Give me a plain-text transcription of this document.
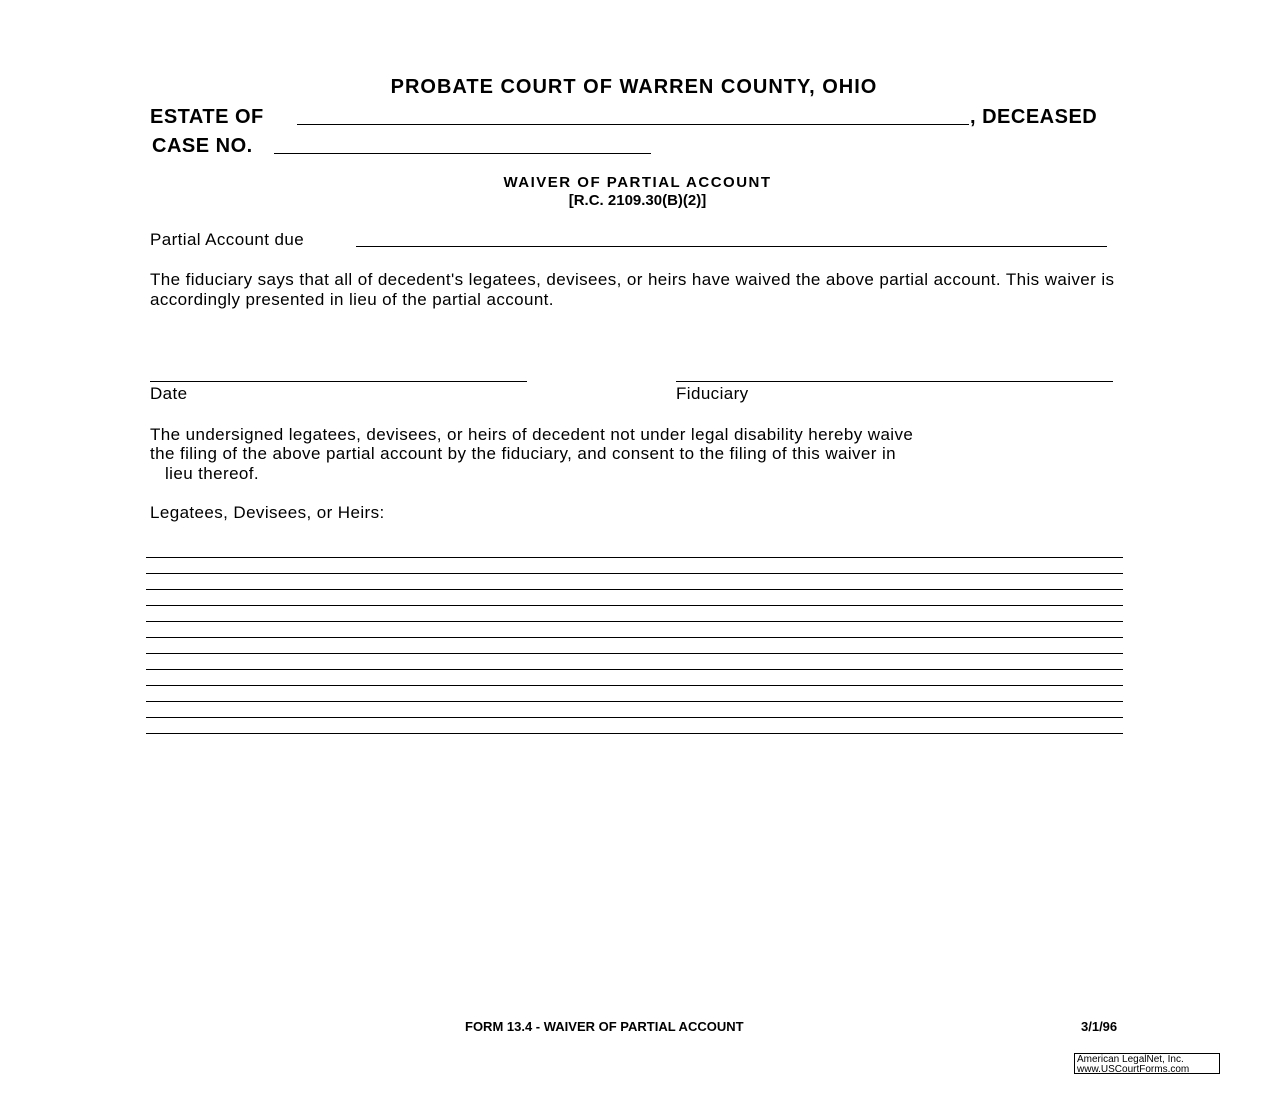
PROBATE COURT OF WARREN COUNTY, OHIO
ESTATE OF	, DECEASED
CASE NO.
WAIVER OF PARTIAL ACCOUNT
[R.C. 2109.30(B)(2)]
Partial Account due
The fiduciary says that all of decedent's legatees, devisees, or heirs have waived the above partial account. This waiver is accordingly presented in lieu of the partial account.
Date	Fiduciary
The undersigned legatees, devisees, or heirs of decedent not under legal disability hereby waive
the filing of the above partial account by the fiduciary, and consent to the filing of this waiver in
lieu thereof.
Legatees, Devisees, or Heirs:
FORM 13.4 - WAIVER OF PARTIAL ACCOUNT	3/1/96
American LegalNet, Inc.
www.USCourtForms.com
